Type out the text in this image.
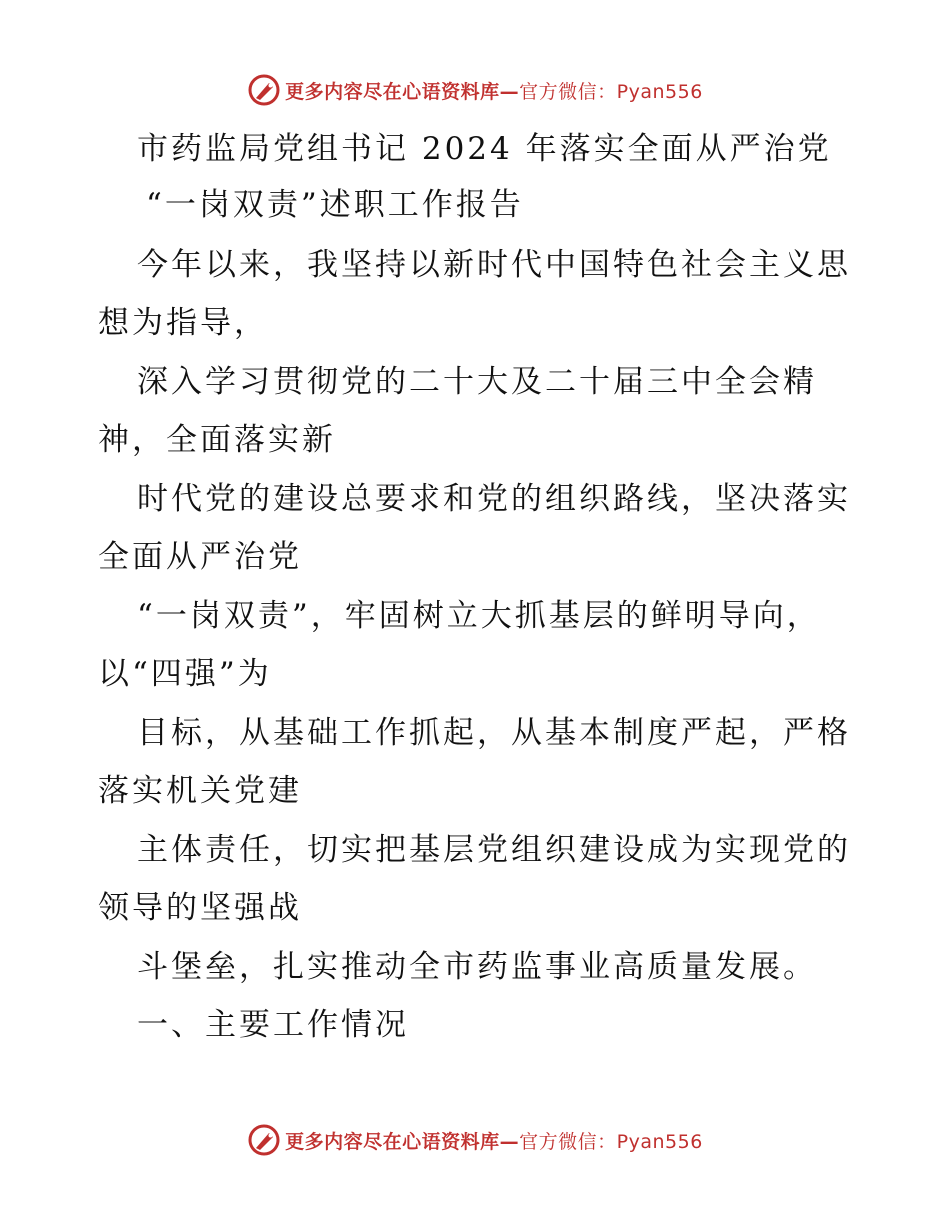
更多内容尽在心语资料库—官方微信：Pyan556
市药监局党组书记 2024 年落实全面从严治党
“一岗双责”述职工作报告
今年以来，我坚持以新时代中国特色社会主义思
想为指导，
深入学习贯彻党的二十大及二十届三中全会精
神，全面落实新
时代党的建设总要求和党的组织路线，坚决落实
全面从严治党
“一岗双责”，牢固树立大抓基层的鲜明导向，
以“四强”为
目标，从基础工作抓起，从基本制度严起，严格
落实机关党建
主体责任，切实把基层党组织建设成为实现党的
领导的坚强战
斗堡垒，扎实推动全市药监事业高质量发展。
一、主要工作情况
更多内容尽在心语资料库—官方微信：Pyan556
